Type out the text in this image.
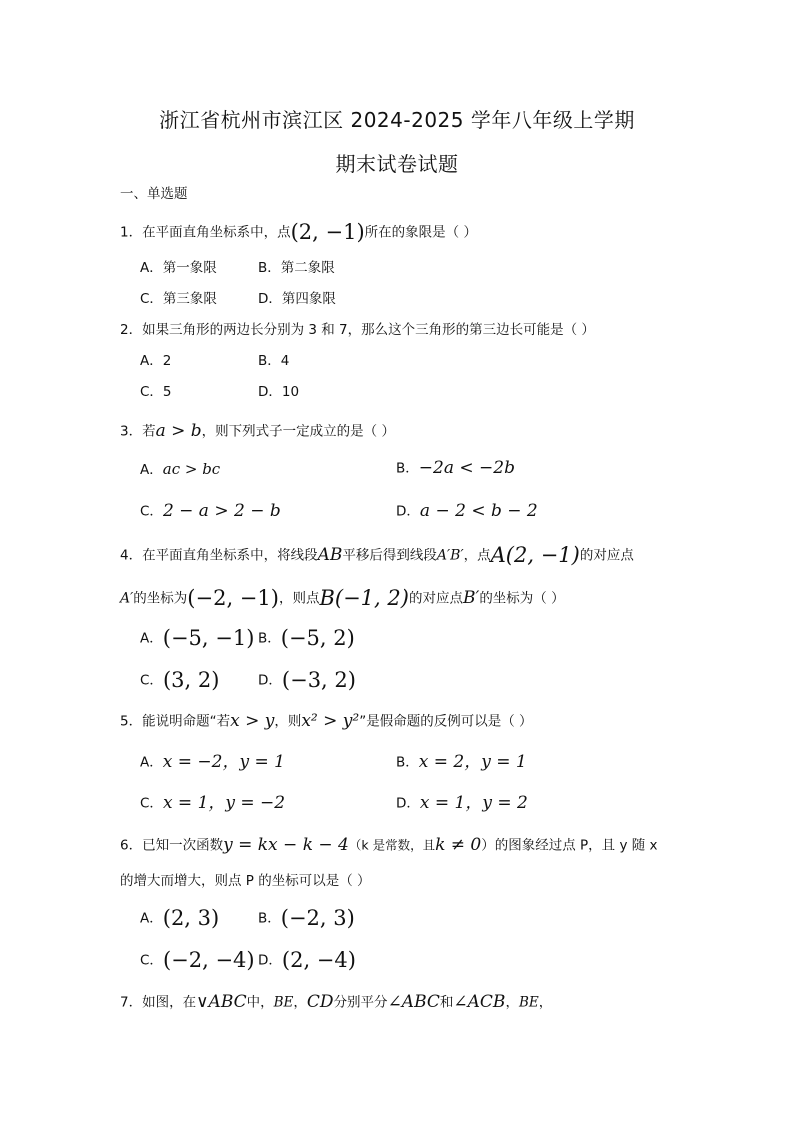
浙江省杭州市滨江区 2024-2025 学年八年级上学期
期末试卷试题
一、单选题
1．在平面直角坐标系中，点(2, −1)所在的象限是（ ）
A．第一象限	B．第二象限
C．第三象限	D．第四象限
2．如果三角形的两边长分别为 3 和 7，那么这个三角形的第三边长可能是（ ）
A．2	B．4
C．5	D．10
3．若a > b，则下列式子一定成立的是（ ）
A．ac > bc	B．−2a < −2b
C．2 − a > 2 − b	D．a − 2 < b − 2
4．在平面直角坐标系中，将线段AB平移后得到线段A′B′，点A(2, −1)的对应点
A′的坐标为(−2, −1)，则点B(−1, 2)的对应点B′的坐标为（ ）
A．(−5, −1) B．(−5, 2)
C．(3, 2)	D．(−3, 2)
5．能说明命题“若x > y，则x² > y²”是假命题的反例可以是（ ）
A．x = −2，y = 1	B．x = 2，y = 1
C．x = 1，y = −2	D．x = 1，y = 2
6．已知一次函数y = kx − k − 4（k 是常数，且k ≠ 0）的图象经过点 P，且 y 随 x
的增大而增大，则点 P 的坐标可以是（ ）
A．(2, 3)	B．(−2, 3)
C．(−2, −4) D．(2, −4)
7．如图，在∨ABC中，BE，CD分别平分∠ABC和∠ACB，BE，
